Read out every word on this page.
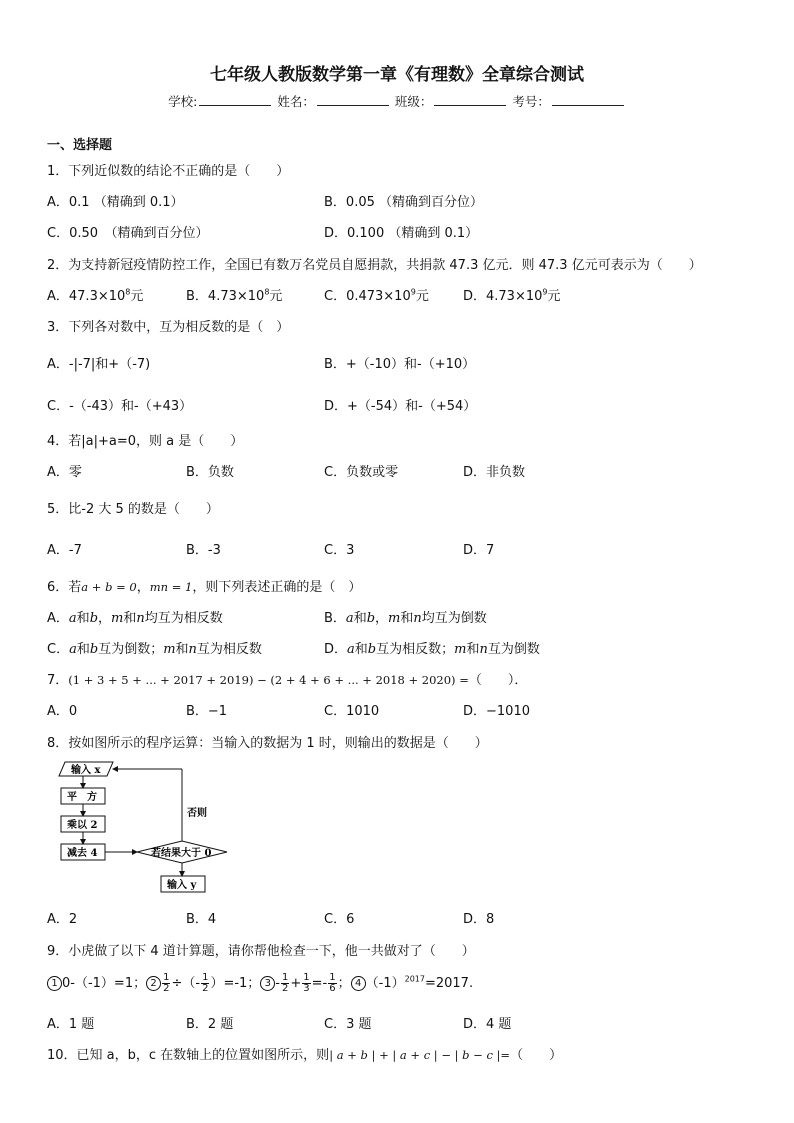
七年级人教版数学第一章《有理数》全章综合测试
学校:	姓名：	班级：	考号：
一、选择题
1．下列近似数的结论不正确的是（　　）
A．0.1 （精确到 0.1）	B．0.05 （精确到百分位）
C．0.50　（精确到百分位）	D．0.100 （精确到 0.1）
2．为支持新冠疫情防控工作，全国已有数万名党员自愿捐款，共捐款 47.3 亿元．则 47.3 亿元可表示为（　　）
A．$47.3\times 10^8$元	B．$4.73\times 10^8$元	C．$0.473\times 10^9$元	D．$4.73\times 10^9$元
3．下列各对数中，互为相反数的是（　）
A．-|-7|和+（-7)	B．+（-10）和-（+10）
C．-（-43）和-（+43）	D．+（-54）和-（+54）
4．若|a|+a=0，则 a 是（　　）
A．零	B．负数	C．负数或零	D．非负数
5．比-2 大 5 的数是（　　）
A．-7	B．-3	C．3	D．7
6．若a + b = 0，mn = 1，则下列表述正确的是（　）
A．a和b，m和n均互为相反数	B．a和b，m和n均互为倒数
C．a和b互为倒数；m和n互为相反数	D．a和b互为相反数；m和n互为倒数
7．(1 + 3 + 5 + ... + 2017 + 2019) − (2 + 4 + 6 + ... + 2018 + 2020) =（　　）．
A．0	B．−1	C．1010	D．−1010
8．按如图所示的程序运算：当输入的数据为 1 时，则输出的数据是（　　）
输入 x
平　方
乘以 2
减去 4	若结果大于 0
否则
输入 y
A．2	B．4	C．6	D．8
9．小虎做了以下 4 道计算题，请你帮他检查一下，他一共做对了（　　）
1 0-（-1）=1； $2 \frac{1}{2}$ ÷（- $\frac{1}{2} )=-1$； $3 - \frac{1}{2} + \frac{1}{3} =- \frac{1}{6}$ ； 4 $(-1)^{2017}=2017$.
A．1 题	B．2 题	C．3 题	D．4 题
10．已知 a，b，c 在数轴上的位置如图所示，则| a + b | + | a + c | − | b − c |=（　　）
